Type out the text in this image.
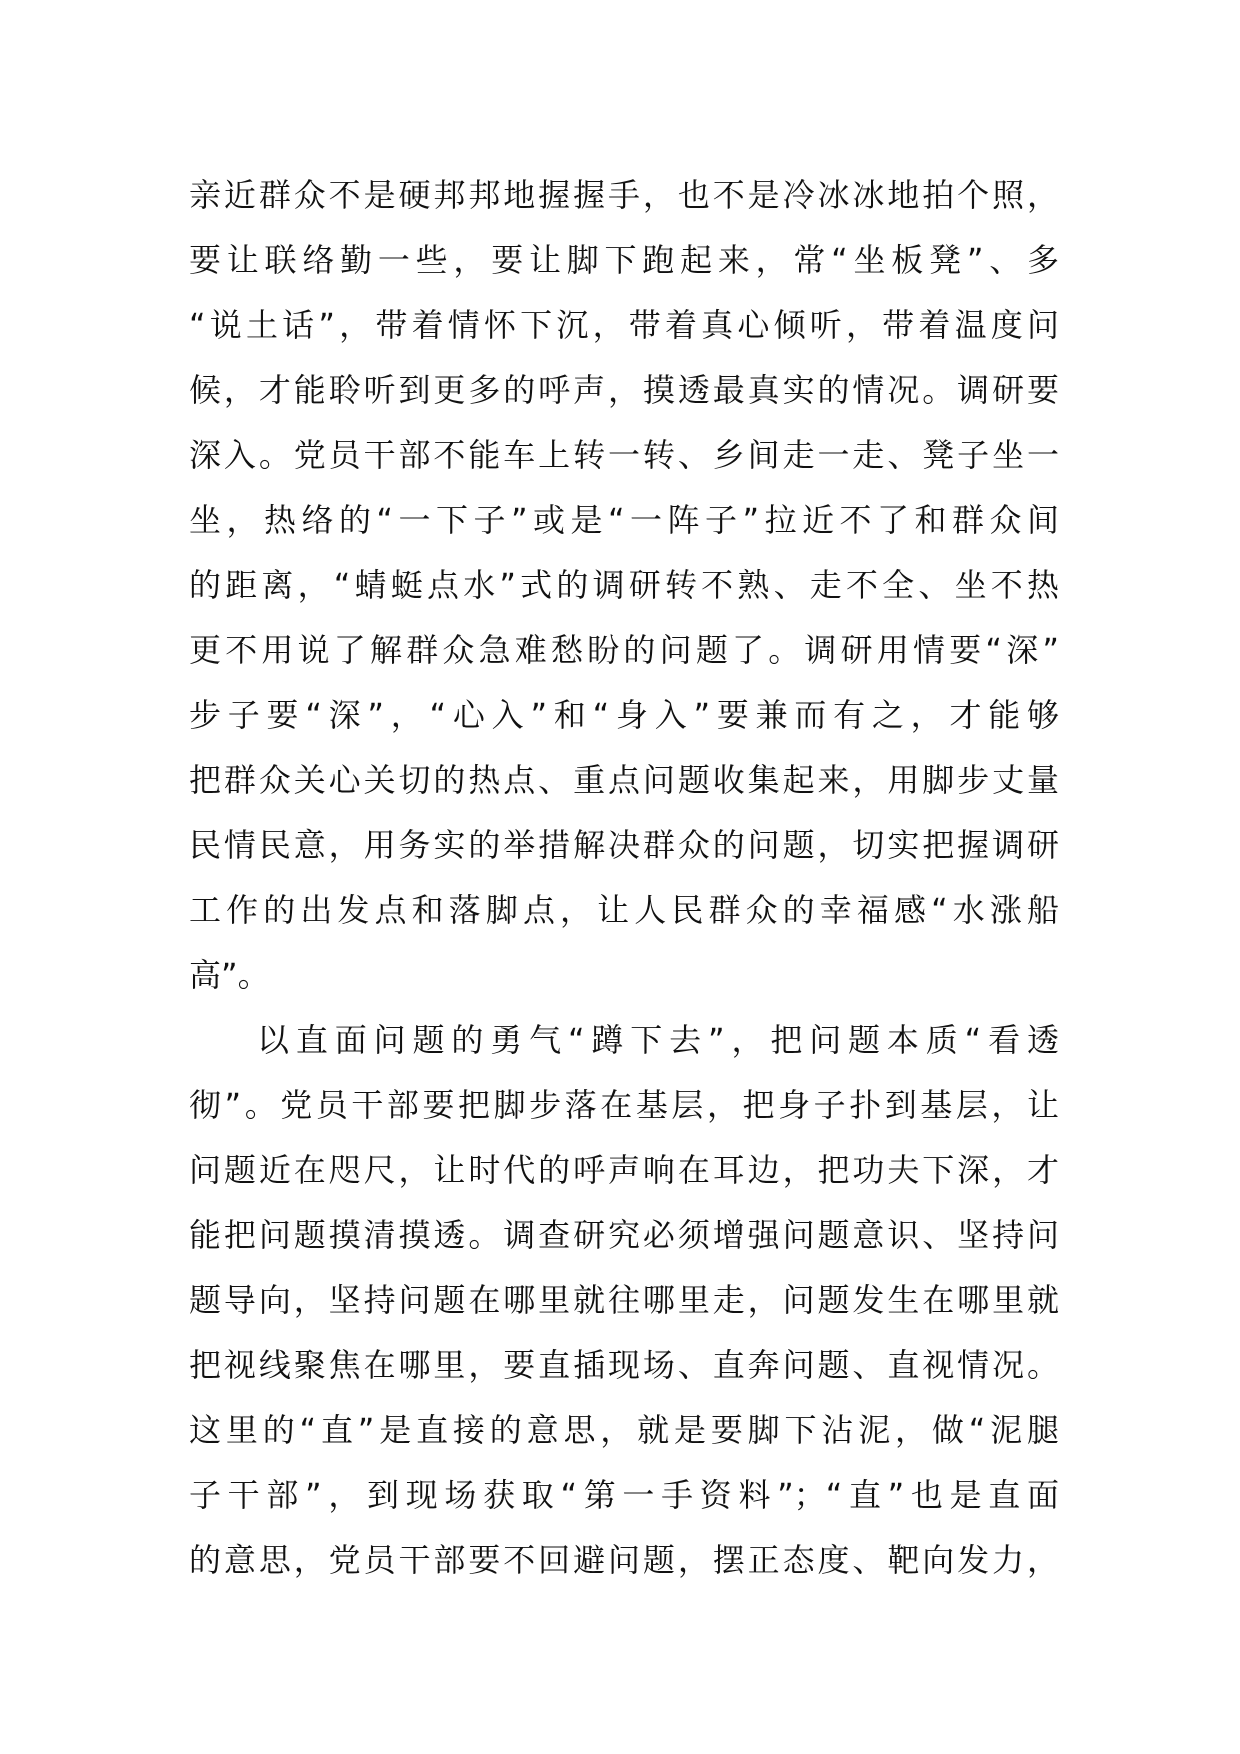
亲近群众不是硬邦邦地握握手，也不是冷冰冰地拍个照，
要让联络勤一些，要让脚下跑起来，常“坐板凳”、多
“说土话”，带着情怀下沉，带着真心倾听，带着温度问
候，才能聆听到更多的呼声，摸透最真实的情况。调研要
深入。党员干部不能车上转一转、乡间走一走、凳子坐一
坐，热络的“一下子”或是“一阵子”拉近不了和群众间
的距离，“蜻蜓点水”式的调研转不熟、走不全、坐不热
更不用说了解群众急难愁盼的问题了。调研用情要“深”
步子要“深”，“心入”和“身入”要兼而有之，才能够
把群众关心关切的热点、重点问题收集起来，用脚步丈量
民情民意，用务实的举措解决群众的问题，切实把握调研
工作的出发点和落脚点，让人民群众的幸福感“水涨船
高”。
以直面问题的勇气“蹲下去”，把问题本质“看透
彻”。党员干部要把脚步落在基层，把身子扑到基层，让
问题近在咫尺，让时代的呼声响在耳边，把功夫下深，才
能把问题摸清摸透。调查研究必须增强问题意识、坚持问
题导向，坚持问题在哪里就往哪里走，问题发生在哪里就
把视线聚焦在哪里，要直插现场、直奔问题、直视情况。
这里的“直”是直接的意思，就是要脚下沾泥，做“泥腿
子干部”，到现场获取“第一手资料”；“直”也是直面
的意思，党员干部要不回避问题，摆正态度、靶向发力，
